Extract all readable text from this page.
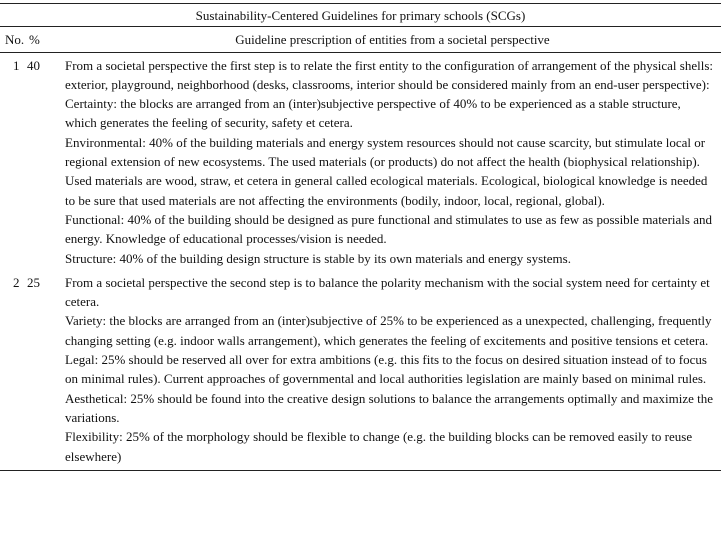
Sustainability-Centered Guidelines for primary schools (SCGs)		
No.	%	Guideline prescription of entities from a societal perspective
1	40	From a societal perspective the first step is to relate the first entity to the configuration of arrangement of the physical shells: exterior, playground, neighborhood (desks, classrooms, interior should be considered mainly from an end-user perspective):
Certainty: the blocks are arranged from an (inter)subjective perspective of 40% to be experienced as a stable structure, which generates the feeling of security, safety et cetera.
Environmental: 40% of the building materials and energy system resources should not cause scarcity, but stimulate local or regional extension of new ecosystems. The used materials (or products) do not affect the health (biophysical relationship). Used materials are wood, straw, et cetera in general called ecological materials. Ecological, biological knowledge is needed to be sure that used materials are not affecting the environments (bodily, indoor, local, regional, global).
Functional: 40% of the building should be designed as pure functional and stimulates to use as few as possible materials and energy. Knowledge of educational processes/vision is needed.
Structure: 40% of the building design structure is stable by its own materials and energy systems.

2	25	From a societal perspective the second step is to balance the polarity mechanism with the social system need for certainty et cetera.
Variety: the blocks are arranged from an (inter)subjective of 25% to be experienced as a unexpected, challenging, frequently changing setting (e.g. indoor walls arrangement), which generates the feeling of excitements and positive tensions et cetera.
Legal: 25% should be reserved all over for extra ambitions (e.g. this fits to the focus on desired situation instead of to focus on minimal rules). Current approaches of governmental and local authorities legislation are mainly based on minimal rules.
Aesthetical: 25% should be found into the creative design solutions to balance the arrangements optimally and maximize the variations.
Flexibility: 25% of the morphology should be flexible to change (e.g. the building blocks can be removed easily to reuse elsewhere)
